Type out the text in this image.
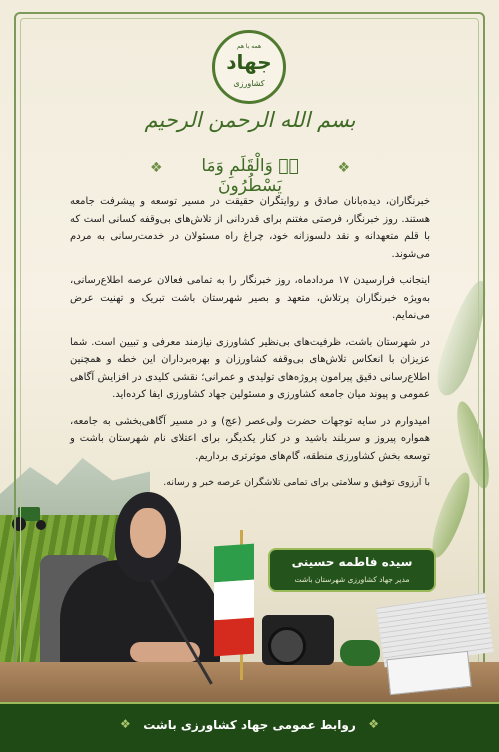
همه با هم
جهاد
کشاورزی
بسم الله الرحمن الرحیم
❖
نۤ وَالْقَلَمِ وَمَا يَسْطُرُونَ
❖

خبرنگاران، دیده‌بانان صادق و روایتگران حقیقت در مسیر توسعه و پیشرفت جامعه هستند. روز خبرنگار، فرصتی مغتنم برای قدردانی از تلاش‌های بی‌وقفه کسانی است که با قلم متعهدانه و نقد دلسوزانه خود، چراغ راه مسئولان در خدمت‌رسانی به مردم می‌شوند.

اینجانب فرارسیدن ۱۷ مردادماه، روز خبرنگار را به تمامی فعالان عرصه اطلاع‌رسانی، به‌ویژه خبرنگاران پرتلاش، متعهد و بصیر شهرستان باشت تبریک و تهنیت عرض می‌نمایم.

در شهرستان باشت، ظرفیت‌های بی‌نظیر کشاورزی نیازمند معرفی و تبیین است. شما عزیزان با انعکاس تلاش‌های بی‌وقفه کشاورزان و بهره‌برداران این خطه و همچنین اطلاع‌رسانی دقیق پیرامون پروژه‌های تولیدی و عمرانی؛ نقشی کلیدی در افزایش آگاهی عمومی و پیوند میان جامعه کشاورزی و مسئولین جهاد کشاورزی ایفا کرده‌اید.

امیدوارم در سایه توجهات حضرت ولی‌عصر (عج) و در مسیر آگاهی‌بخشی به جامعه، همواره پیروز و سربلند باشید و در کنار یکدیگر، برای اعتلای نام شهرستان باشت و توسعه بخش کشاورزی منطقه، گام‌های موثرتری برداریم.

با آرزوی توفیق و سلامتی برای تمامی تلاشگران عرصه خبر و رسانه.

سیده فاطمه حسینی
مدیر جهاد کشاورزی شهرستان باشت
❖
روابط عمومی جهاد کشاورزی باشت
❖
